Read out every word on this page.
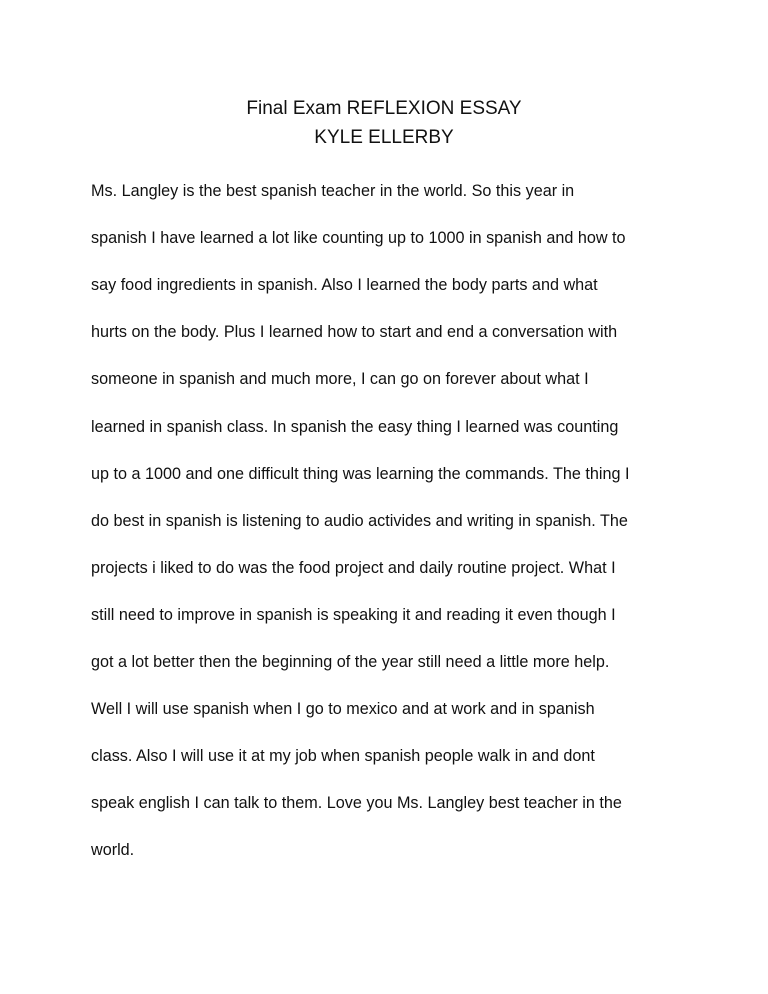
Final Exam REFLEXION ESSAY
KYLE ELLERBY
Ms. Langley is the best spanish teacher in the world. So this year in
spanish I have learned a lot like counting up to 1000 in spanish and how to
say food ingredients in spanish. Also I learned the body parts and what
hurts on the body. Plus I learned how to start and end a conversation with
someone in spanish and much more, I can go on forever about what I
learned in spanish class. In spanish the easy thing I learned was counting
up to a 1000 and one difficult thing was learning the commands. The thing I
do best in spanish is listening to audio activides and writing in spanish. The
projects i liked to do was the food project and daily routine project. What I
still need to improve in spanish is speaking it and reading it even though I
got a lot better then the beginning of the year still need a little more help.
Well I will use spanish when I go to mexico and at work and in spanish
class. Also I will use it at my job when spanish people walk in and dont
speak english I can talk to them. Love you Ms. Langley best teacher in the
world.
